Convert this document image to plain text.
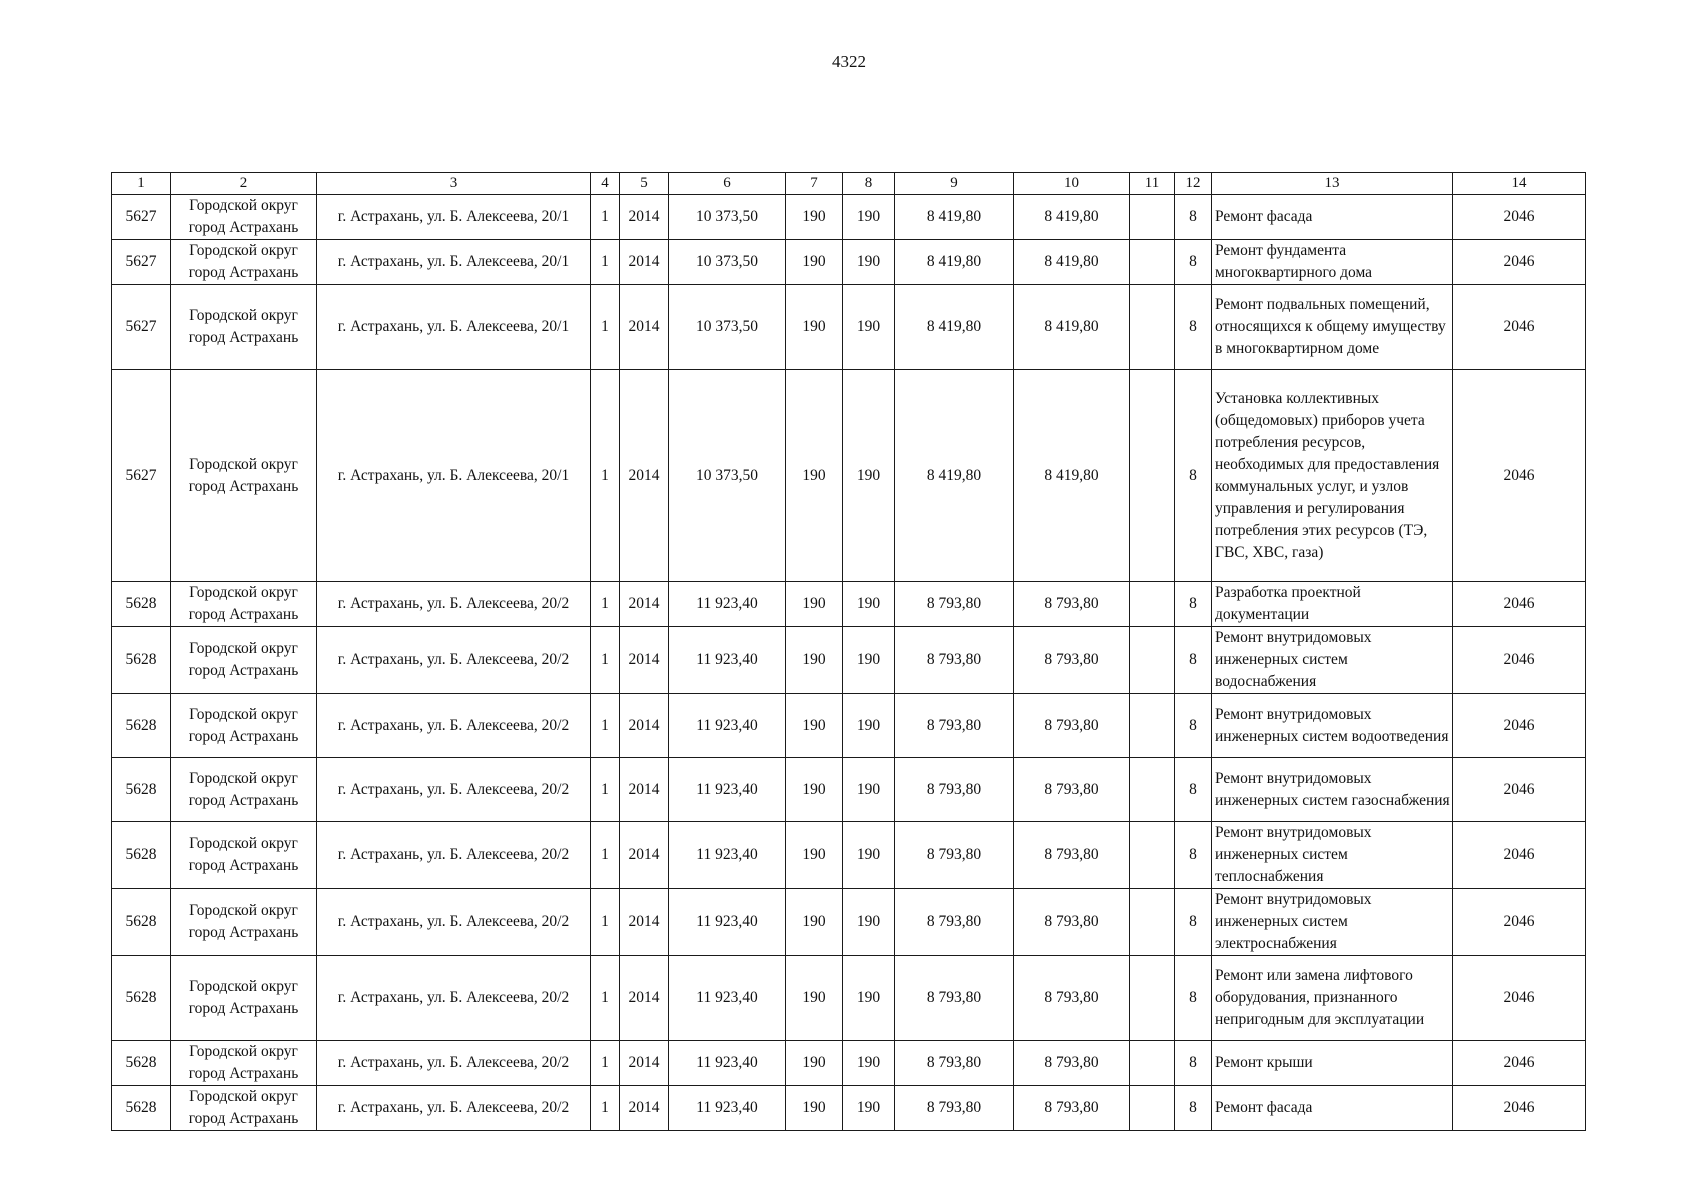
4322
1	2	3	4	5	6	7	8	9	10	11	12	13	14
5627	Городской округ город Астрахань	г. Астрахань, ул. Б. Алексеева, 20/1	1	2014	10 373,50	190	190	8 419,80	8 419,80		8	Ремонт фасада	2046
5627	Городской округ город Астрахань	г. Астрахань, ул. Б. Алексеева, 20/1	1	2014	10 373,50	190	190	8 419,80	8 419,80		8	Ремонт фундамента многоквартирного дома	2046
5627	Городской округ город Астрахань	г. Астрахань, ул. Б. Алексеева, 20/1	1	2014	10 373,50	190	190	8 419,80	8 419,80		8	Ремонт подвальных помещений, относящихся к общему имуществу в многоквартирном доме	2046
5627	Городской округ город Астрахань	г. Астрахань, ул. Б. Алексеева, 20/1	1	2014	10 373,50	190	190	8 419,80	8 419,80		8	Установка коллективных (общедомовых) приборов учета потребления ресурсов, необходимых для предоставления коммунальных услуг, и узлов управления и регулирования потребления этих ресурсов (ТЭ, ГВС, ХВС, газа)	2046
5628	Городской округ город Астрахань	г. Астрахань, ул. Б. Алексеева, 20/2	1	2014	11 923,40	190	190	8 793,80	8 793,80		8	Разработка проектной документации	2046
5628	Городской округ город Астрахань	г. Астрахань, ул. Б. Алексеева, 20/2	1	2014	11 923,40	190	190	8 793,80	8 793,80		8	Ремонт внутридомовых инженерных систем водоснабжения	2046
5628	Городской округ город Астрахань	г. Астрахань, ул. Б. Алексеева, 20/2	1	2014	11 923,40	190	190	8 793,80	8 793,80		8	Ремонт внутридомовых инженерных систем водоотведения	2046
5628	Городской округ город Астрахань	г. Астрахань, ул. Б. Алексеева, 20/2	1	2014	11 923,40	190	190	8 793,80	8 793,80		8	Ремонт внутридомовых инженерных систем газоснабжения	2046
5628	Городской округ город Астрахань	г. Астрахань, ул. Б. Алексеева, 20/2	1	2014	11 923,40	190	190	8 793,80	8 793,80		8	Ремонт внутридомовых инженерных систем теплоснабжения	2046
5628	Городской округ город Астрахань	г. Астрахань, ул. Б. Алексеева, 20/2	1	2014	11 923,40	190	190	8 793,80	8 793,80		8	Ремонт внутридомовых инженерных систем электроснабжения	2046
5628	Городской округ город Астрахань	г. Астрахань, ул. Б. Алексеева, 20/2	1	2014	11 923,40	190	190	8 793,80	8 793,80		8	Ремонт или замена лифтового оборудования, признанного непригодным для эксплуатации	2046
5628	Городской округ город Астрахань	г. Астрахань, ул. Б. Алексеева, 20/2	1	2014	11 923,40	190	190	8 793,80	8 793,80		8	Ремонт крыши	2046
5628	Городской округ город Астрахань	г. Астрахань, ул. Б. Алексеева, 20/2	1	2014	11 923,40	190	190	8 793,80	8 793,80		8	Ремонт фасада	2046
